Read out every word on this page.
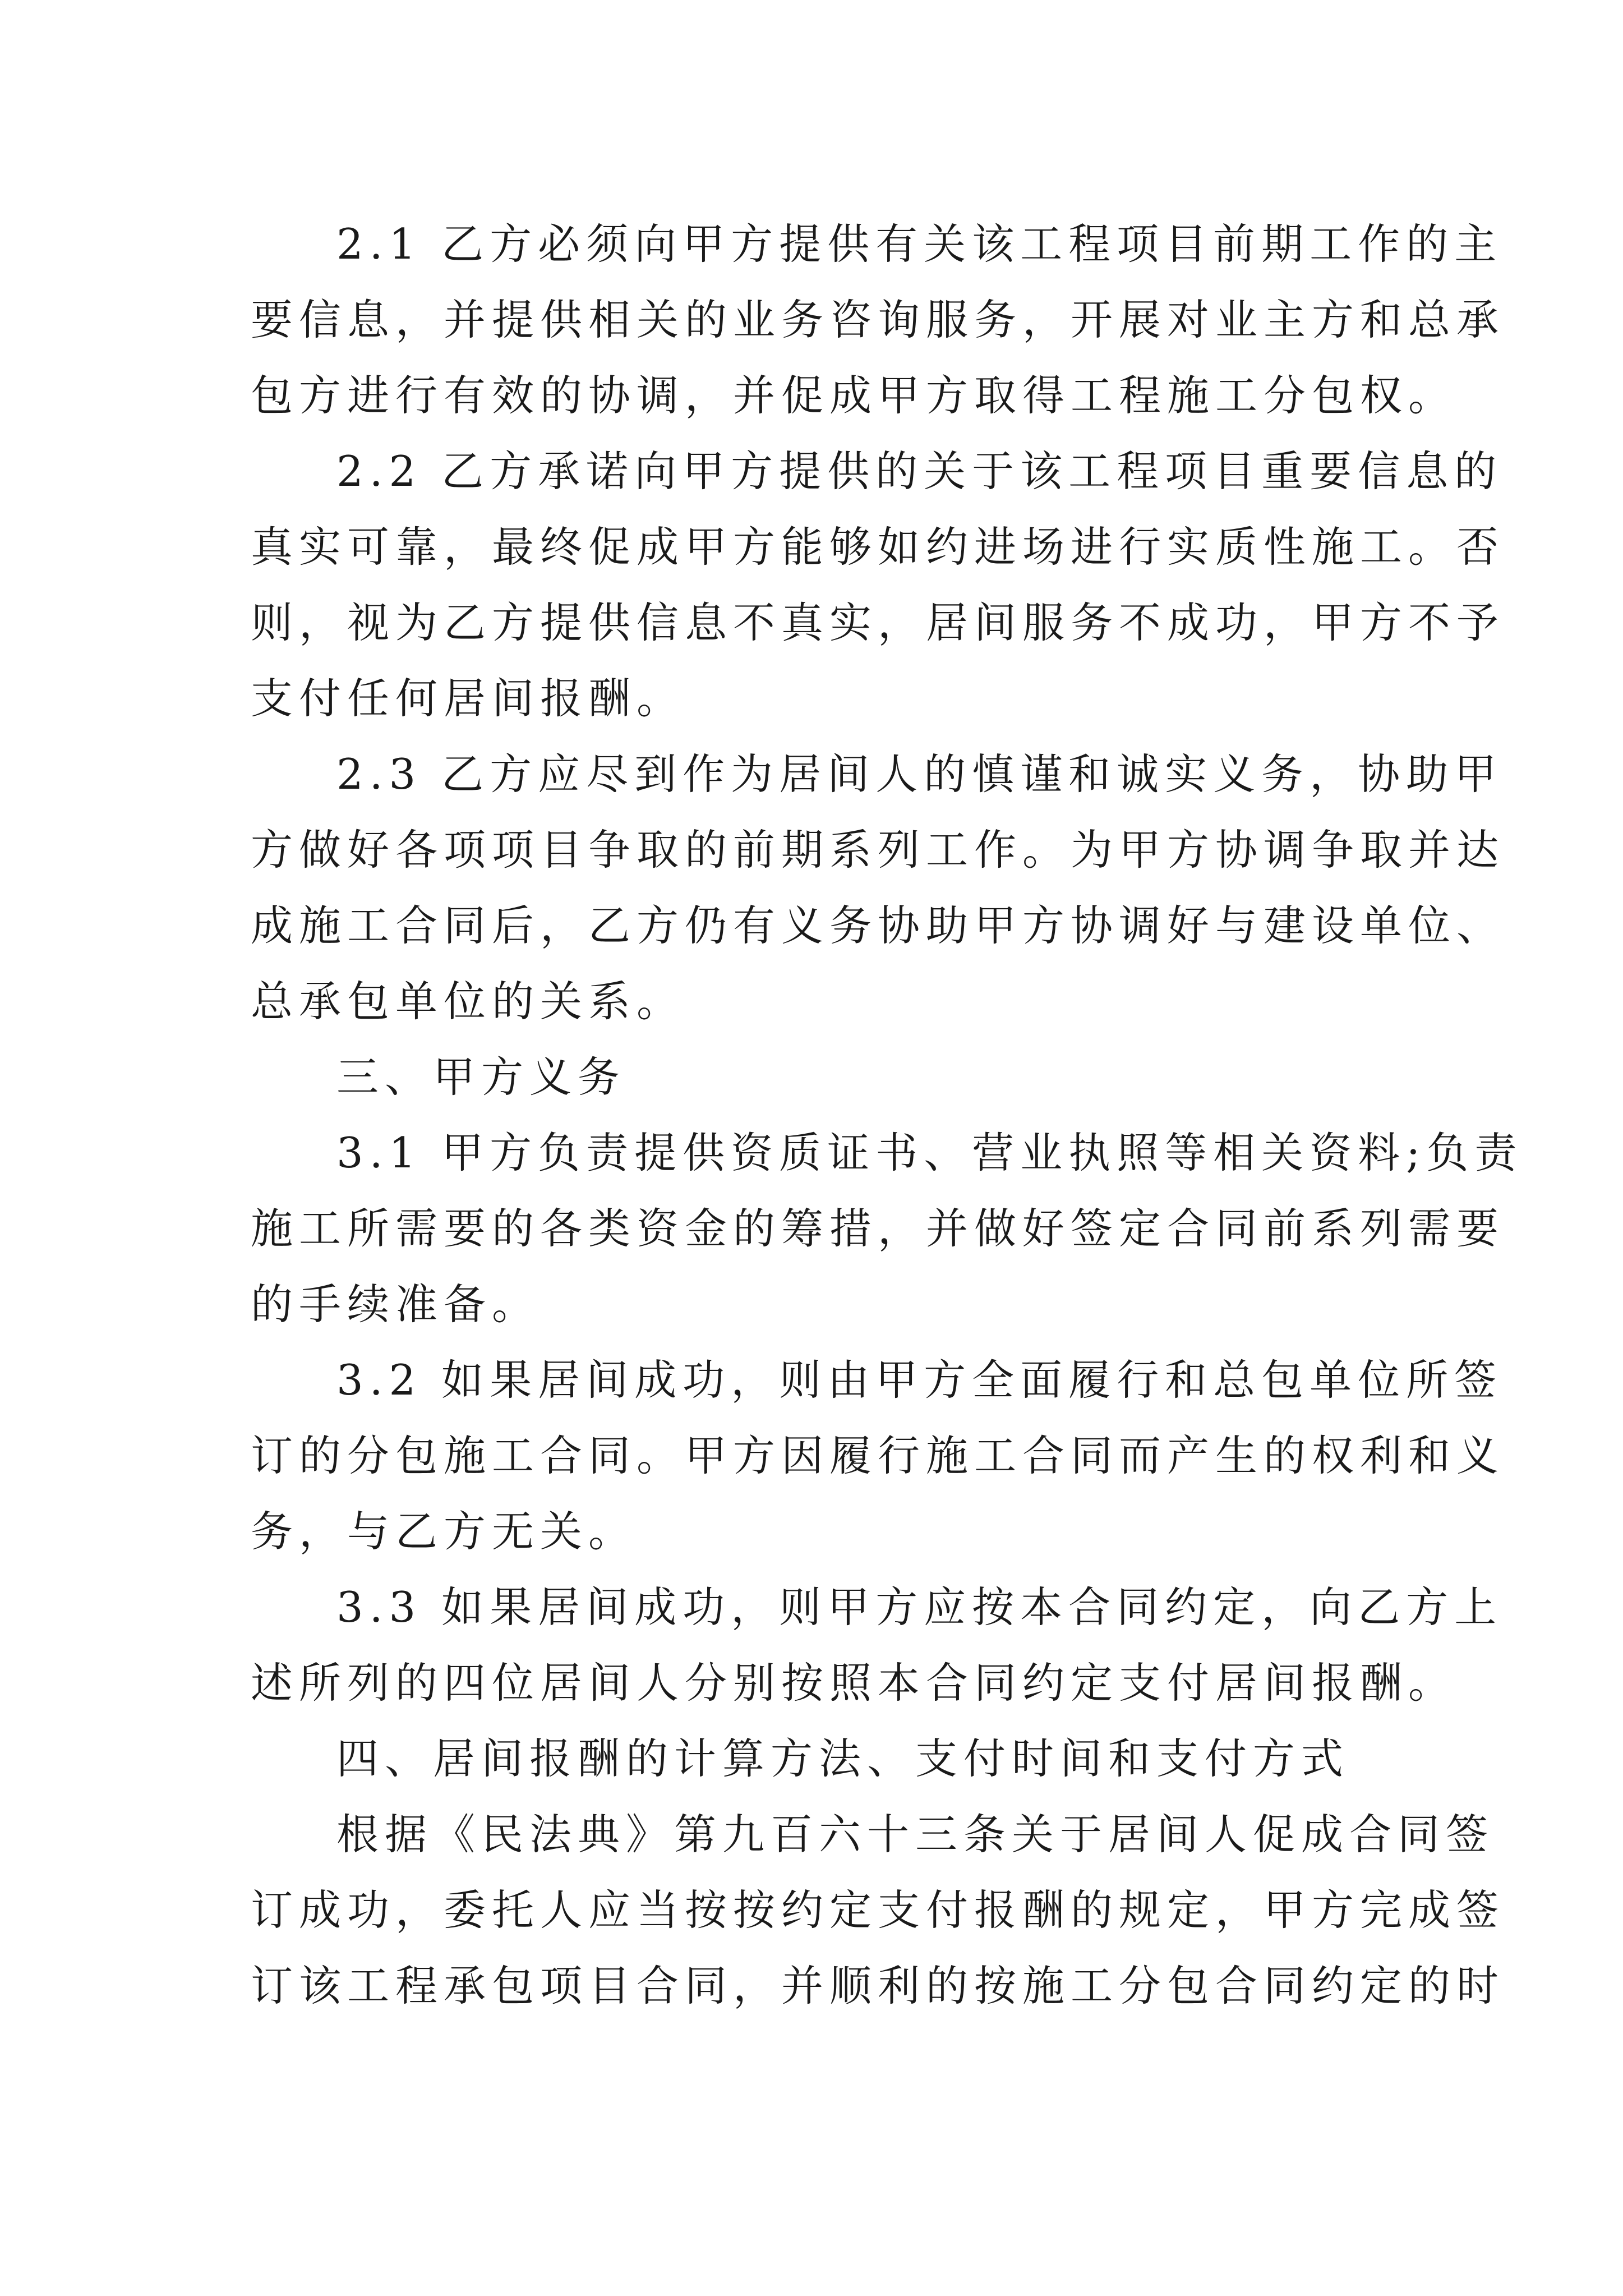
2.1 乙方必须向甲方提供有关该工程项目前期工作的主
要信息，并提供相关的业务咨询服务，开展对业主方和总承
包方进行有效的协调，并促成甲方取得工程施工分包权。
2.2 乙方承诺向甲方提供的关于该工程项目重要信息的
真实可靠，最终促成甲方能够如约进场进行实质性施工。否
则，视为乙方提供信息不真实，居间服务不成功，甲方不予
支付任何居间报酬。
2.3 乙方应尽到作为居间人的慎谨和诚实义务，协助甲
方做好各项项目争取的前期系列工作。为甲方协调争取并达
成施工合同后，乙方仍有义务协助甲方协调好与建设单位、
总承包单位的关系。
三、甲方义务
3.1 甲方负责提供资质证书、营业执照等相关资料;负责
施工所需要的各类资金的筹措，并做好签定合同前系列需要
的手续准备。
3.2 如果居间成功，则由甲方全面履行和总包单位所签
订的分包施工合同。甲方因履行施工合同而产生的权利和义
务，与乙方无关。
3.3 如果居间成功，则甲方应按本合同约定，向乙方上
述所列的四位居间人分别按照本合同约定支付居间报酬。
四、居间报酬的计算方法、支付时间和支付方式
根据《民法典》第九百六十三条关于居间人促成合同签
订成功，委托人应当按按约定支付报酬的规定，甲方完成签
订该工程承包项目合同，并顺利的按施工分包合同约定的时
